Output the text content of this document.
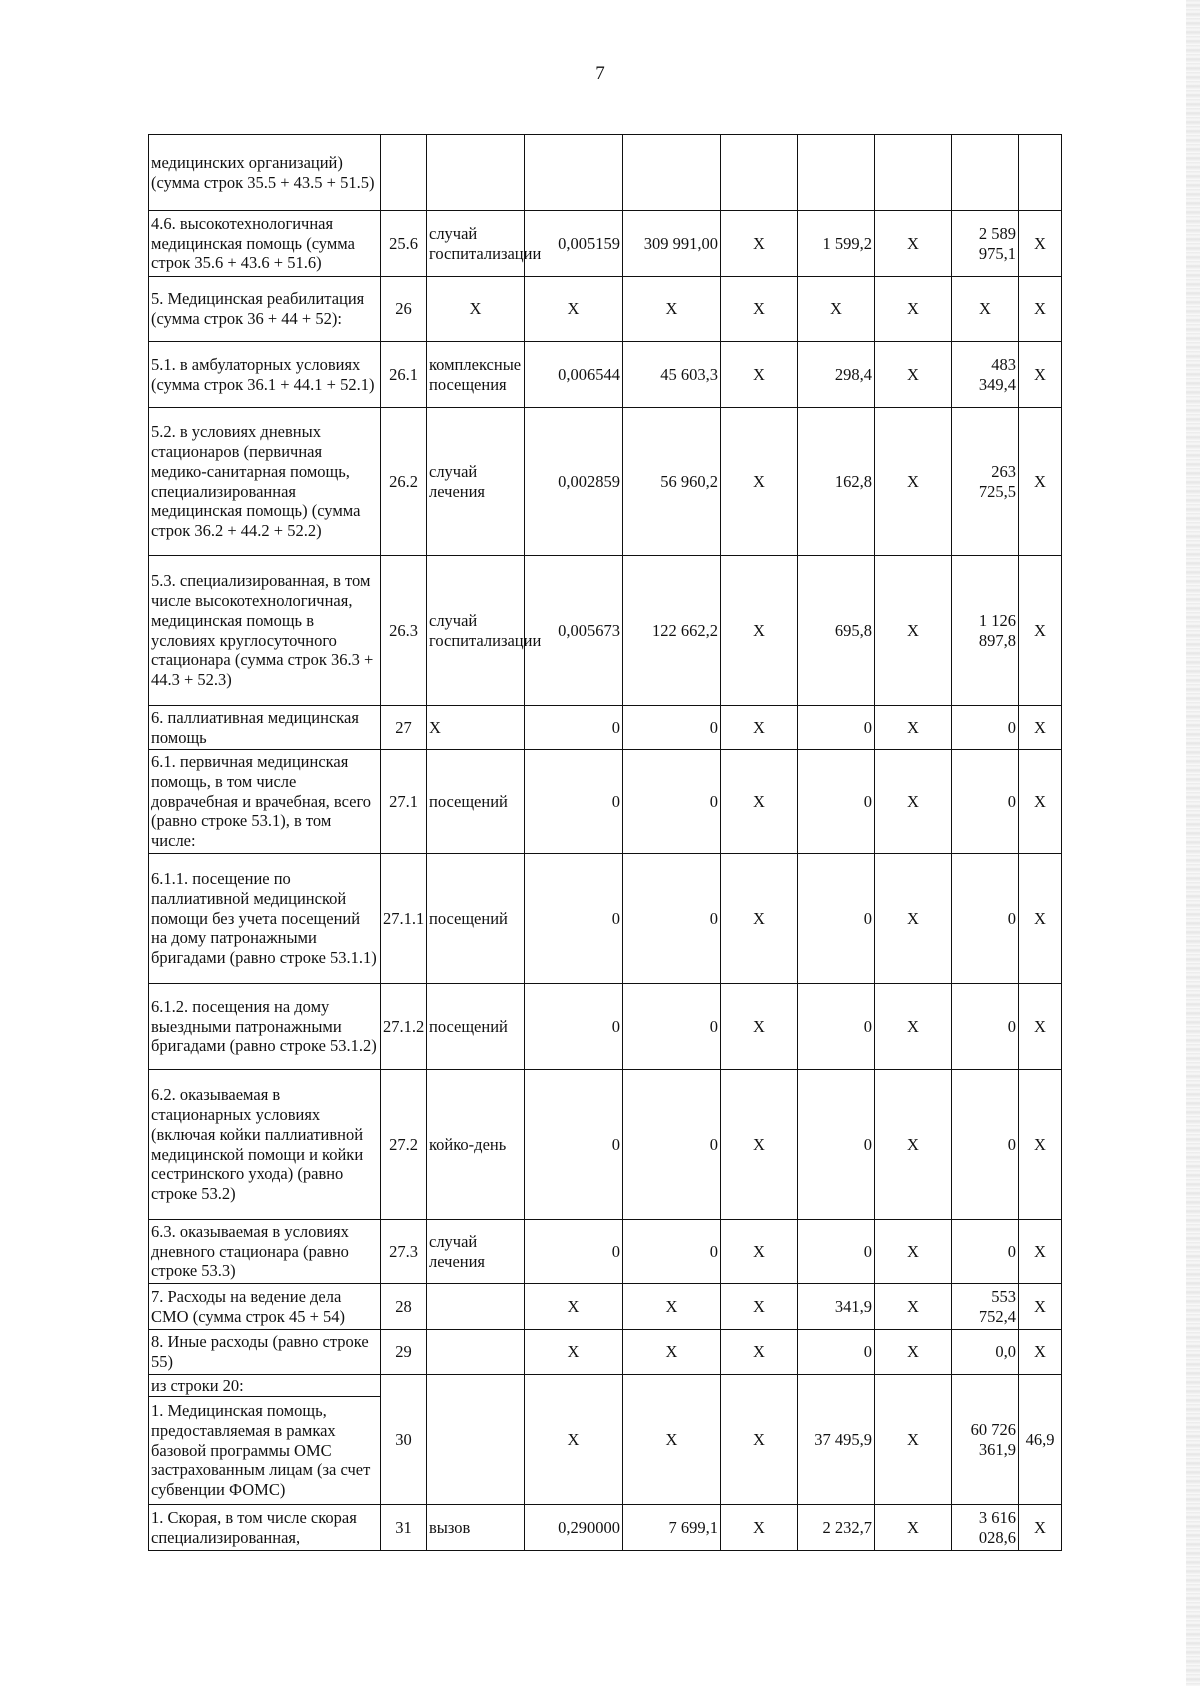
7
медицинских организаций) (сумма строк 35.5 + 43.5 + 51.5)									
4.6. высокотехнологичная медицинская помощь (сумма строк 35.6 + 43.6 + 51.6)	25.6	случай госпитализации	0,005159	309 991,00	X	1 599,2	X	2 589 975,1	X
5. Медицинская реабилитация (сумма строк 36 + 44 + 52):	26	X	X	X	X	X	X	X	X
5.1. в амбулаторных условиях (сумма строк 36.1 + 44.1 + 52.1)	26.1	комплексные посещения	0,006544	45 603,3	X	298,4	X	483 349,4	X
5.2. в условиях дневных стационаров (первичная медико-санитарная помощь, специализированная медицинская помощь) (сумма строк 36.2 + 44.2 + 52.2)	26.2	случай лечения	0,002859	56 960,2	X	162,8	X	263 725,5	X
5.3. специализированная, в том числе высокотехнологичная, медицинская помощь в условиях круглосуточного стационара (сумма строк 36.3 + 44.3 + 52.3)	26.3	случай госпитализации	0,005673	122 662,2	X	695,8	X	1 126 897,8	X
6. паллиативная медицинская помощь	27	X	0	0	X	0	X	0	X
6.1. первичная медицинская помощь, в том числе доврачебная и врачебная, всего (равно строке 53.1), в том числе:	27.1	посещений	0	0	X	0	X	0	X
6.1.1. посещение по паллиативной медицинской помощи без учета посещений на дому патронажными бригадами (равно строке 53.1.1)	27.1.1	посещений	0	0	X	0	X	0	X
6.1.2. посещения на дому выездными патронажными бригадами (равно строке 53.1.2)	27.1.2	посещений	0	0	X	0	X	0	X
6.2. оказываемая в стационарных условиях (включая койки паллиативной медицинской помощи и койки сестринского ухода) (равно строке 53.2)	27.2	койко-день	0	0	X	0	X	0	X
6.3. оказываемая в условиях дневного стационара (равно строке 53.3)	27.3	случай лечения	0	0	X	0	X	0	X
7. Расходы на ведение дела СМО (сумма строк 45 + 54)	28		X	X	X	341,9	X	553 752,4	X
8. Иные расходы (равно строке 55)	29		X	X	X	0	X	0,0	X
из строки 20:	30		X	X	X	37 495,9	X	60 726 361,9	46,9
1. Медицинская помощь, предоставляемая в рамках базовой программы ОМС застрахованным лицам (за счет субвенции ФОМС)									
1. Скорая, в том числе скорая специализированная,	31	вызов	0,290000	7 699,1	X	2 232,7	X	3 616 028,6	X
